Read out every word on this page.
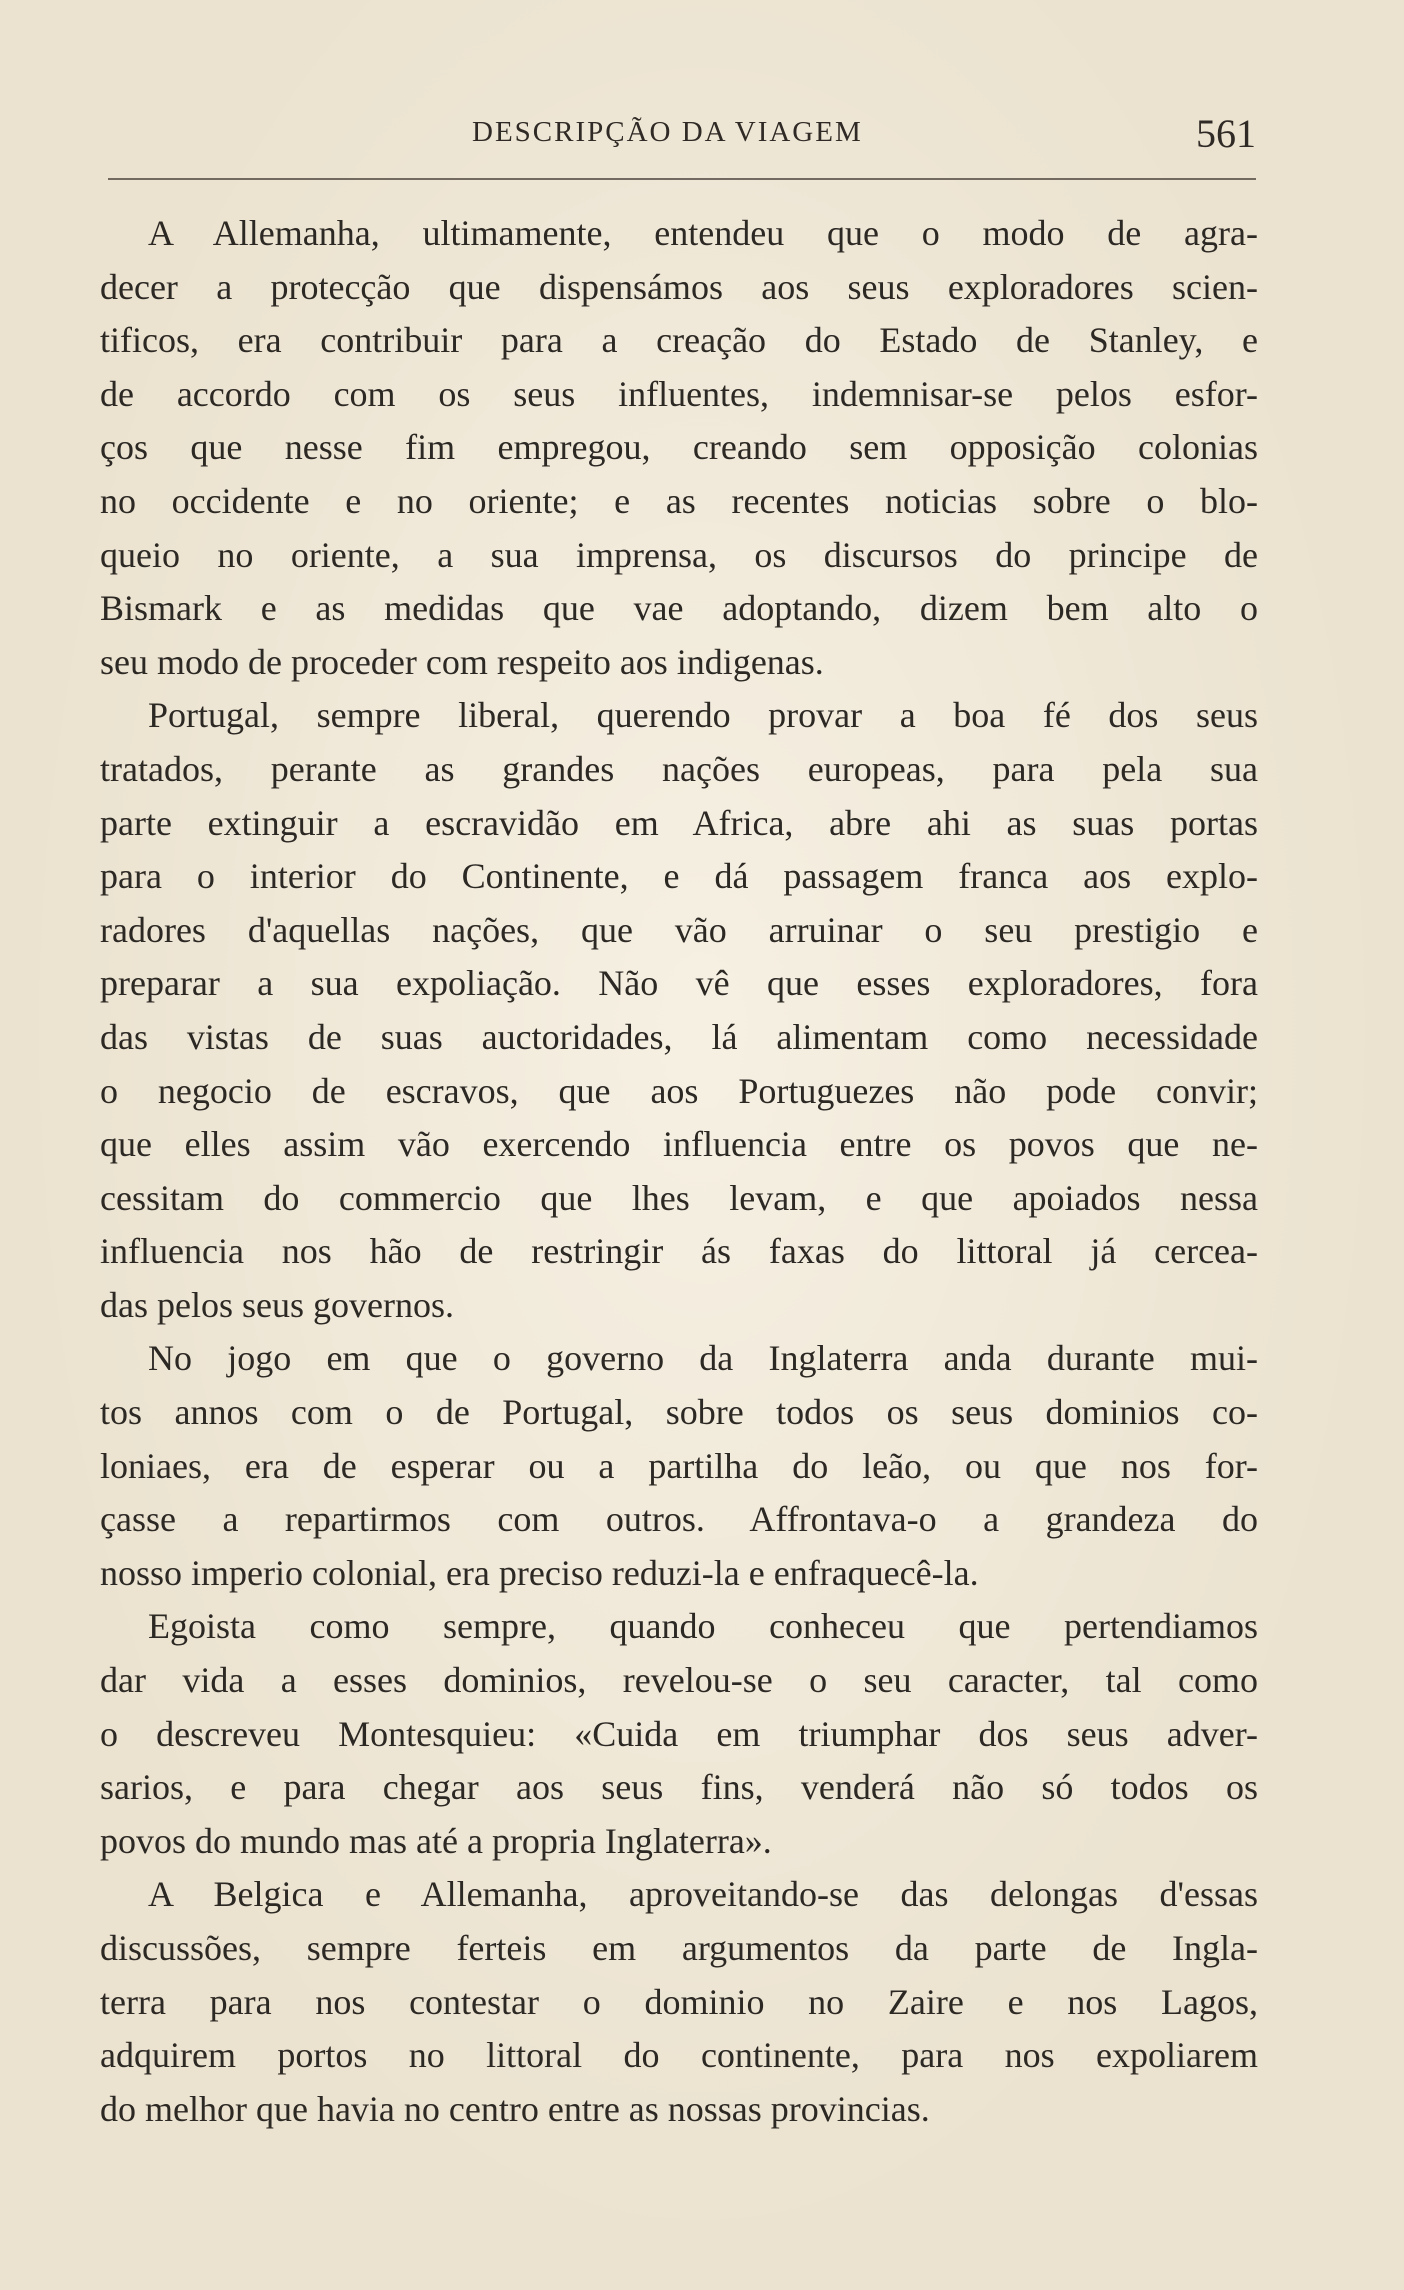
DESCRIPÇÃO DA VIAGEM	561
A Allemanha, ultimamente, entendeu que o modo de agra-
decer a protecção que dispensámos aos seus exploradores scien-
tificos, era contribuir para a creação do Estado de Stanley, e
de accordo com os seus influentes, indemnisar-se pelos esfor-
ços que nesse fim empregou, creando sem opposição colonias
no occidente e no oriente; e as recentes noticias sobre o blo-
queio no oriente, a sua imprensa, os discursos do principe de
Bismark e as medidas que vae adoptando, dizem bem alto o
seu modo de proceder com respeito aos indigenas.
Portugal, sempre liberal, querendo provar a boa fé dos seus
tratados, perante as grandes nações europeas, para pela sua
parte extinguir a escravidão em Africa, abre ahi as suas portas
para o interior do Continente, e dá passagem franca aos explo-
radores d'aquellas nações, que vão arruinar o seu prestigio e
preparar a sua expoliação. Não vê que esses exploradores, fora
das vistas de suas auctoridades, lá alimentam como necessidade
o negocio de escravos, que aos Portuguezes não pode convir;
que elles assim vão exercendo influencia entre os povos que ne-
cessitam do commercio que lhes levam, e que apoiados nessa
influencia nos hão de restringir ás faxas do littoral já cercea-
das pelos seus governos.
No jogo em que o governo da Inglaterra anda durante mui-
tos annos com o de Portugal, sobre todos os seus dominios co-
loniaes, era de esperar ou a partilha do leão, ou que nos for-
çasse a repartirmos com outros. Affrontava-o a grandeza do
nosso imperio colonial, era preciso reduzi-la e enfraquecê-la.
Egoista como sempre, quando conheceu que pertendiamos
dar vida a esses dominios, revelou-se o seu caracter, tal como
o descreveu Montesquieu: «Cuida em triumphar dos seus adver-
sarios, e para chegar aos seus fins, venderá não só todos os
povos do mundo mas até a propria Inglaterra».
A Belgica e Allemanha, aproveitando-se das delongas d'essas
discussões, sempre ferteis em argumentos da parte de Ingla-
terra para nos contestar o dominio no Zaire e nos Lagos,
adquirem portos no littoral do continente, para nos expoliarem
do melhor que havia no centro entre as nossas provincias.
